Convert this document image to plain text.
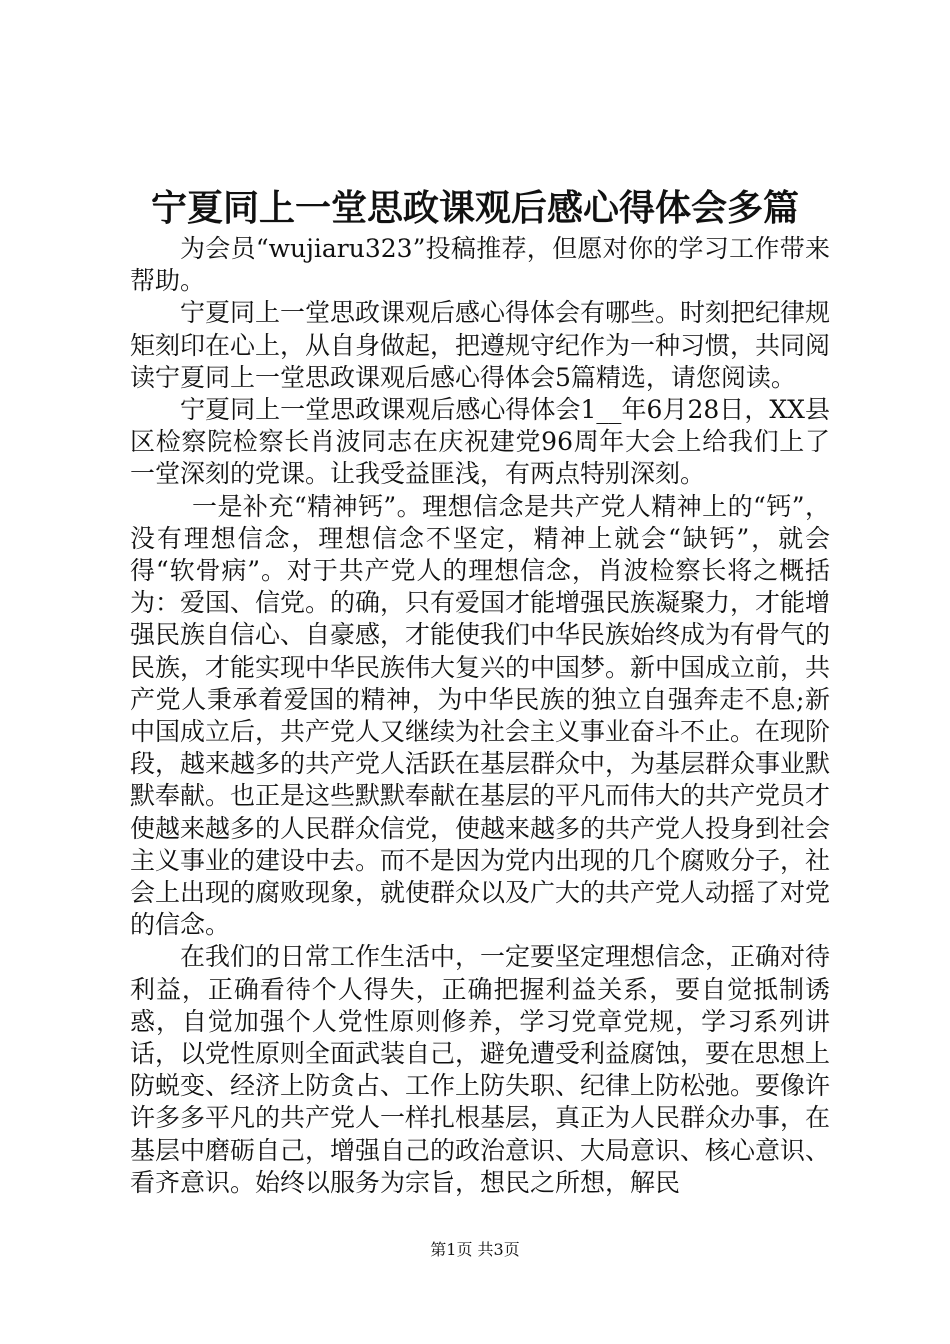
宁夏同上一堂思政课观后感心得体会多篇

为会员“wujiaru323”投稿推荐，但愿对你的学习工作带来帮助。

宁夏同上一堂思政课观后感心得体会有哪些。时刻把纪律规矩刻印在心上，从自身做起，把遵规守纪作为一种习惯，共同阅读宁夏同上一堂思政课观后感心得体会5篇精选，请您阅读。

宁夏同上一堂思政课观后感心得体会1__年6月28日，XX县区检察院检察长肖波同志在庆祝建党96周年大会上给我们上了一堂深刻的党课。让我受益匪浅，有两点特别深刻。

一是补充“精神钙”。理想信念是共产党人精神上的“钙”，没有理想信念，理想信念不坚定，精神上就会“缺钙”，就会得“软骨病”。对于共产党人的理想信念，肖波检察长将之概括为：爱国、信党。的确，只有爱国才能增强民族凝聚力，才能增强民族自信心、自豪感，才能使我们中华民族始终成为有骨气的民族，才能实现中华民族伟大复兴的中国梦。新中国成立前，共产党人秉承着爱国的精神，为中华民族的独立自强奔走不息;新中国成立后，共产党人又继续为社会主义事业奋斗不止。在现阶段，越来越多的共产党人活跃在基层群众中，为基层群众事业默默奉献。也正是这些默默奉献在基层的平凡而伟大的共产党员才使越来越多的人民群众信党，使越来越多的共产党人投身到社会主义事业的建设中去。而不是因为党内出现的几个腐败分子，社会上出现的腐败现象，就使群众以及广大的共产党人动摇了对党的信念。

在我们的日常工作生活中，一定要坚定理想信念，正确对待利益，正确看待个人得失，正确把握利益关系，要自觉抵制诱惑，自觉加强个人党性原则修养，学习党章党规，学习系列讲话，以党性原则全面武装自己，避免遭受利益腐蚀，要在思想上防蜕变、经济上防贪占、工作上防失职、纪律上防松弛。要像许许多多平凡的共产党人一样扎根基层，真正为人民群众办事，在基层中磨砺自己，增强自己的政治意识、大局意识、核心意识、看齐意识。始终以服务为宗旨，想民之所想，解民

第1页 共3页
